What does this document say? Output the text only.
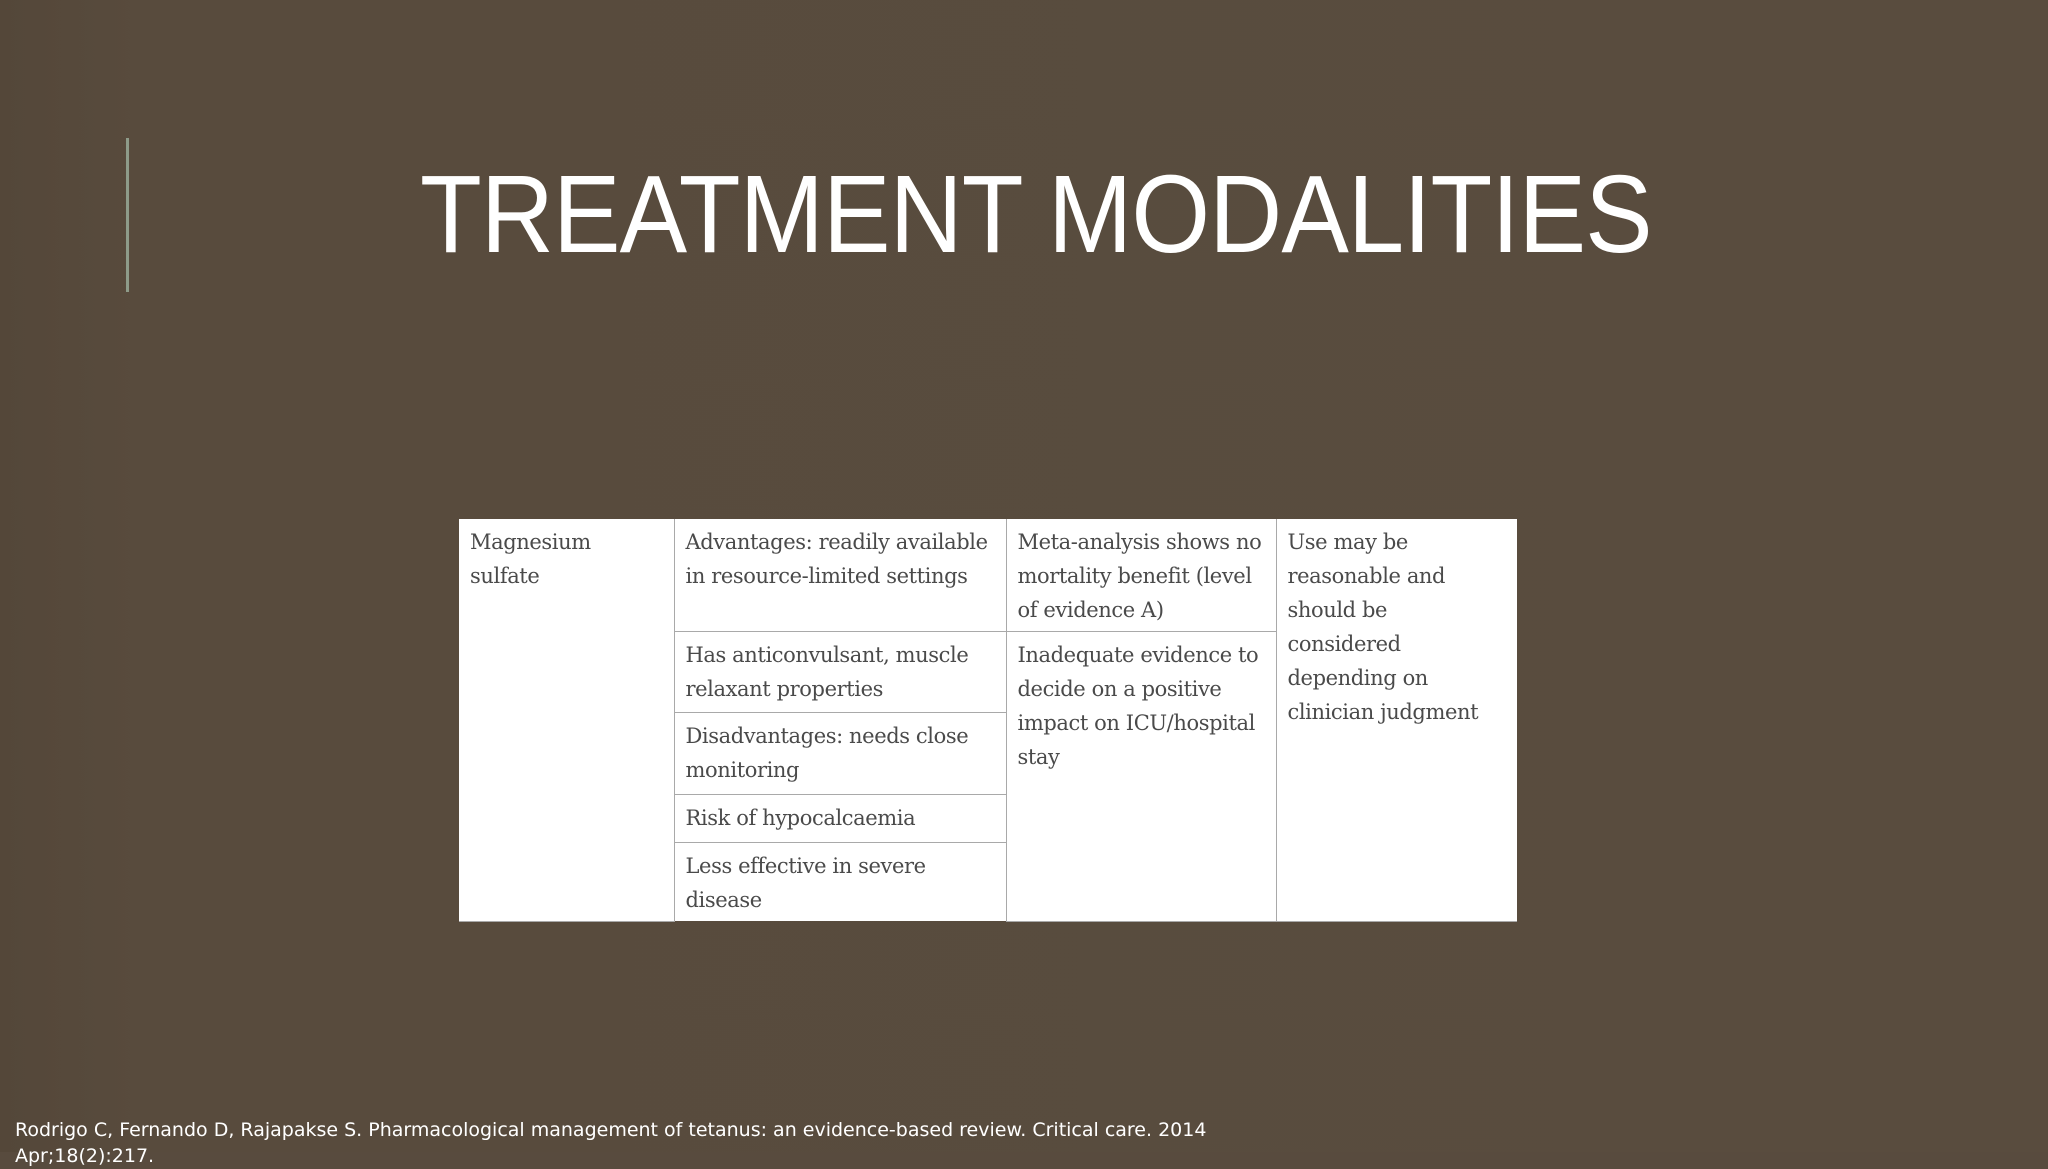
TREATMENT MODALITIES
Magnesium sulfate	Advantages: readily available in resource-limited settings	Meta-analysis shows no mortality benefit (level of evidence A)	Use may be reasonable and should be considered depending on clinician judgment
	Has anticonvulsant, muscle relaxant properties	Inadequate evidence to decide on a positive impact on ICU/hospital stay	
	Disadvantages: needs close monitoring		
	Risk of hypocalcaemia		
	Less effective in severe disease		

Rodrigo C, Fernando D, Rajapakse S. Pharmacological management of tetanus: an evidence-based review. Critical care. 2014 Apr;18(2):217.
